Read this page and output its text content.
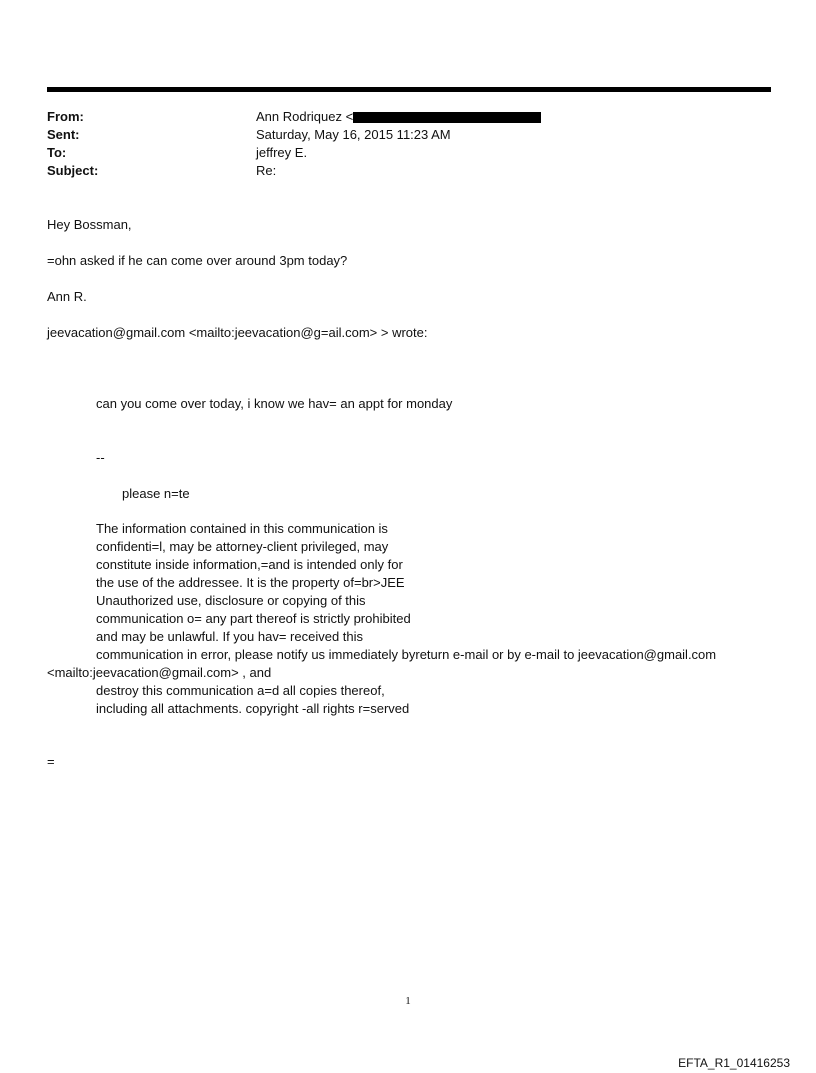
From:	Ann Rodriquez <
Sent:	Saturday, May 16, 2015 11:23 AM
To:	jeffrey E.
Subject:	Re:
Hey Bossman,
=ohn asked if he can come over around 3pm today?
Ann R.
jeevacation@gmail.com <mailto:jeevacation@g=ail.com> > wrote:
can you come over today, i know we hav= an appt for monday
--
please n=te
The information contained in this communication is
confidenti=l, may be attorney-client privileged, may
constitute inside information,=and is intended only for
the use of the addressee. It is the property of=br>JEE
Unauthorized use, disclosure or copying of this
communication o= any part thereof is strictly prohibited
and may be unlawful. If you hav= received this
communication in error, please notify us immediately byreturn e-mail or by e-mail to jeevacation@gmail.com
<mailto:jeevacation@gmail.com> , and
destroy this communication a=d all copies thereof,
including all attachments. copyright -all rights r=served
=
1
EFTA_R1_01416253
